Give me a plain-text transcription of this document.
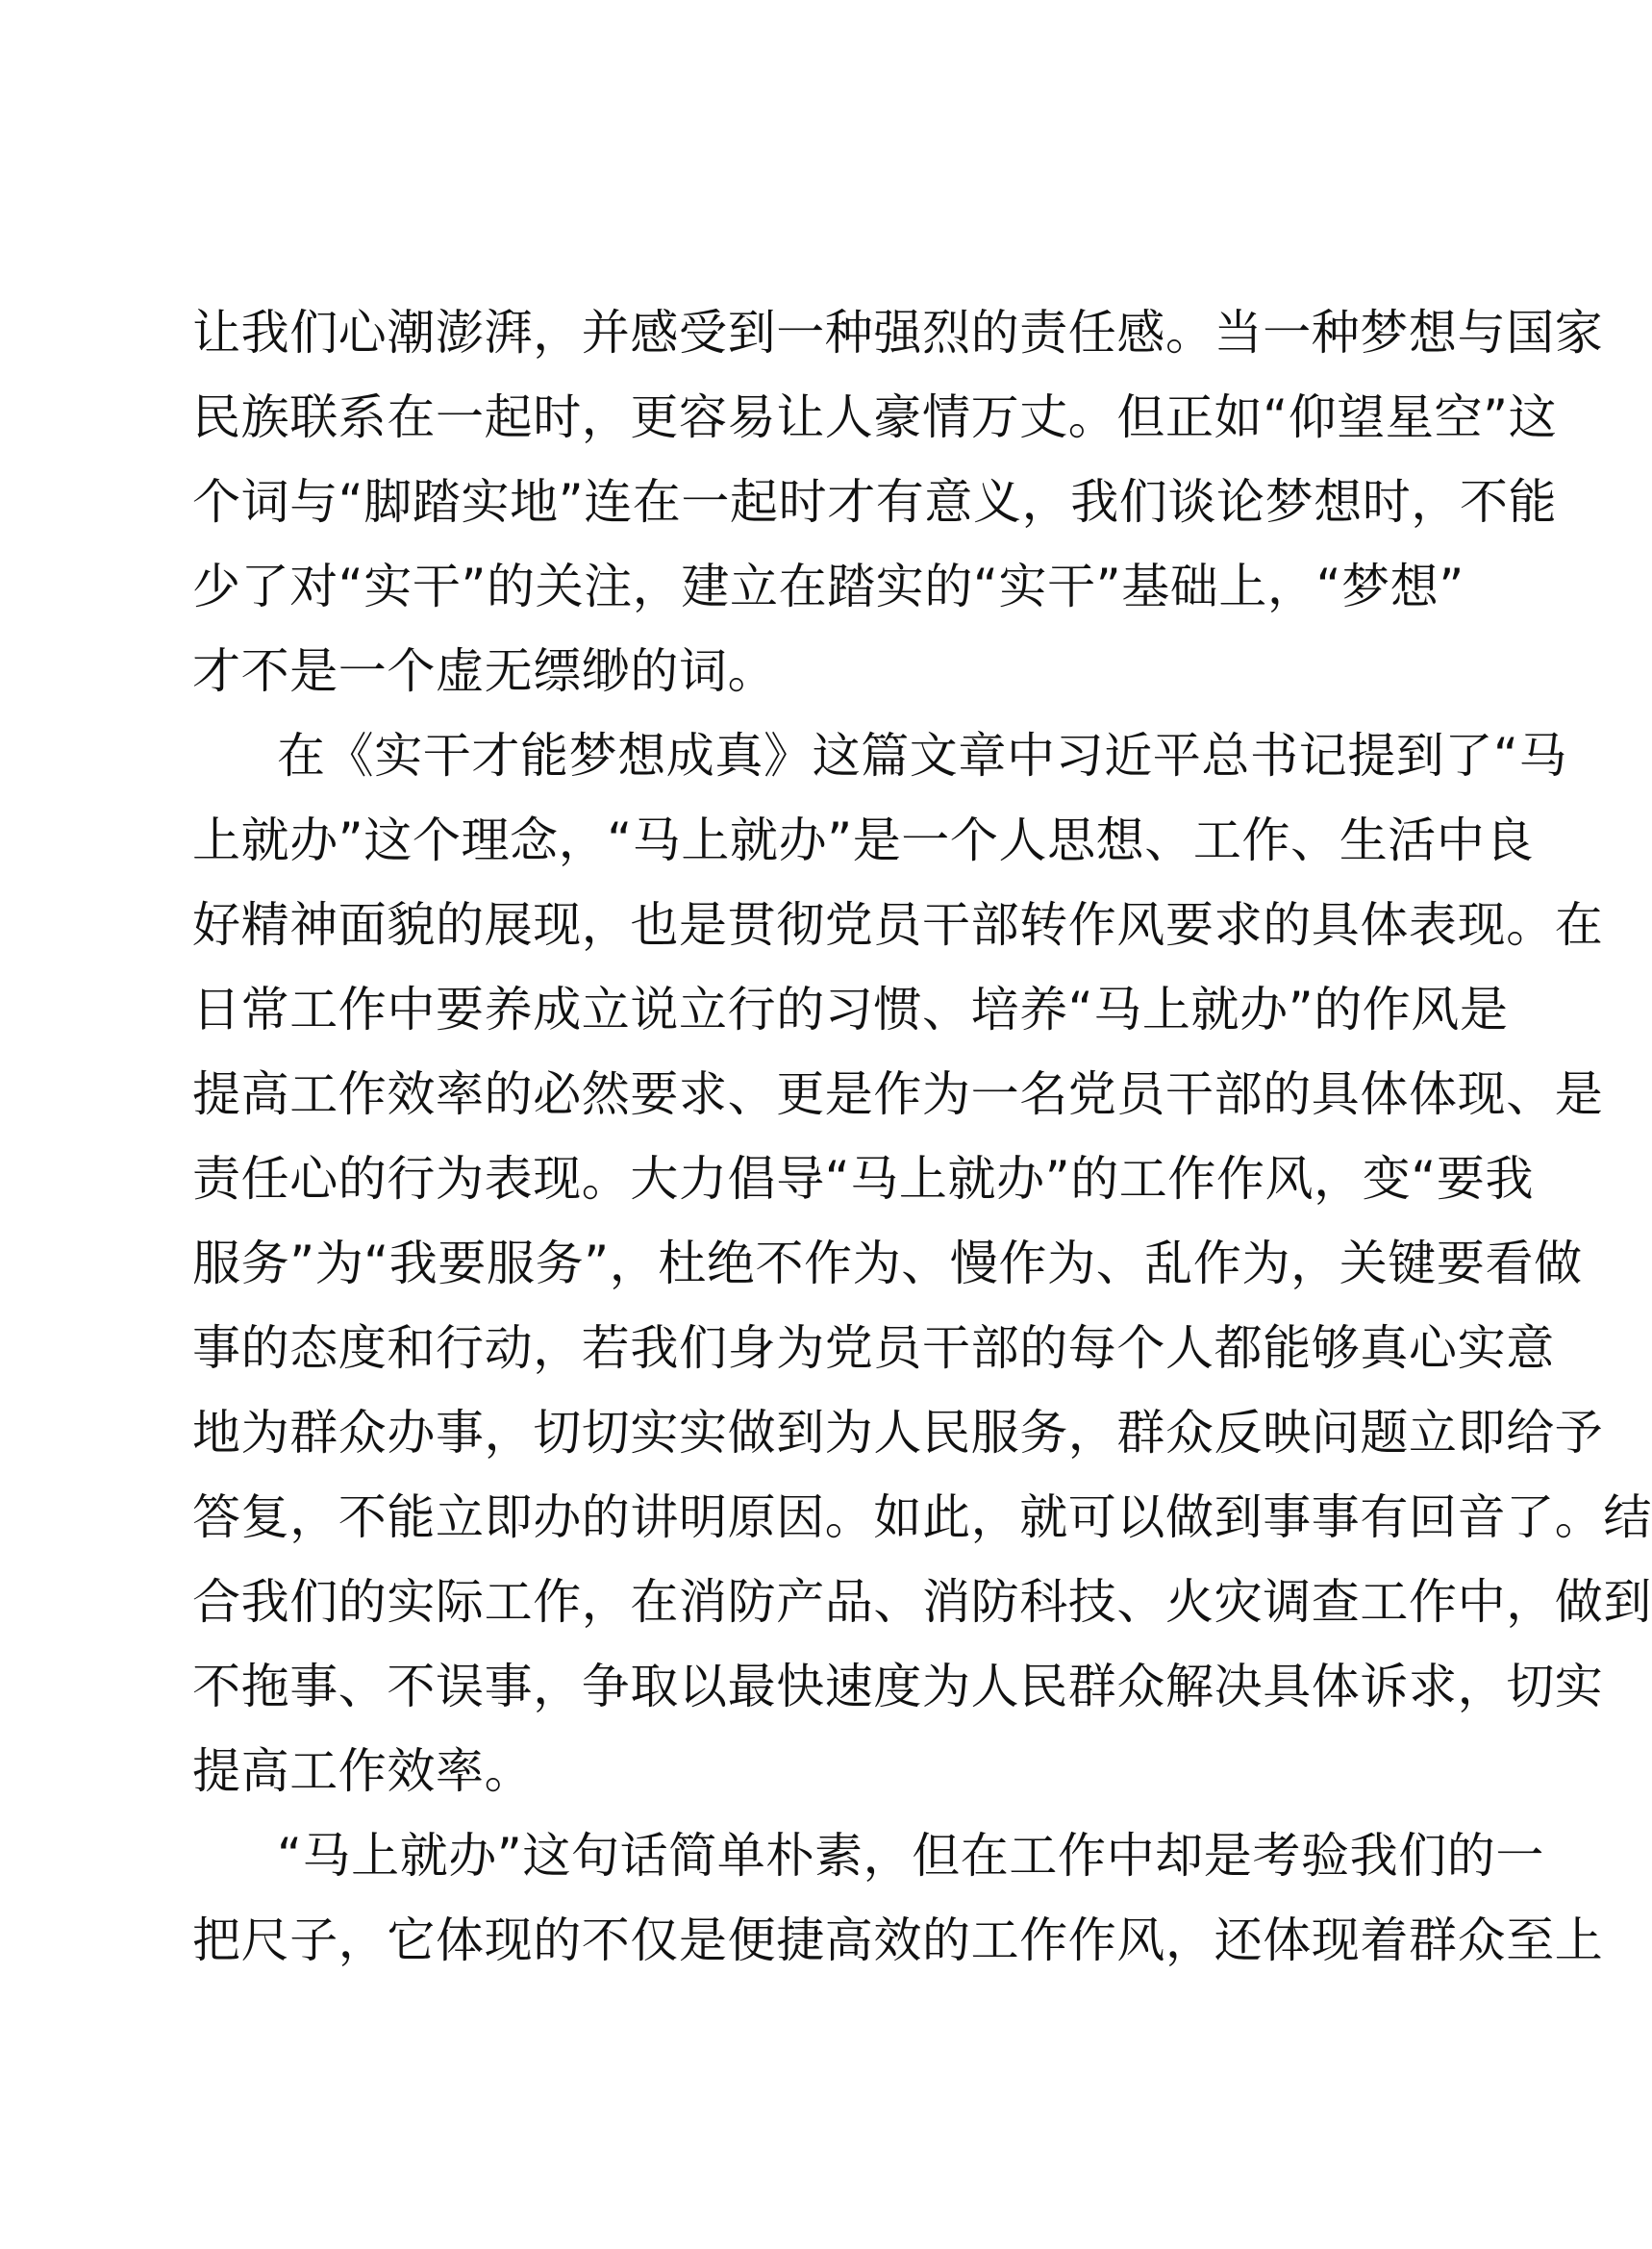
让我们心潮澎湃，并感受到一种强烈的责任感。当一种梦想与国家
民族联系在一起时，更容易让人豪情万丈。但正如“仰望星空”这
个词与“脚踏实地”连在一起时才有意义，我们谈论梦想时，不能
少了对“实干”的关注，建立在踏实的“实干”基础上，“梦想”
才不是一个虚无缥缈的词。
在《实干才能梦想成真》这篇文章中习近平总书记提到了“马
上就办”这个理念，“马上就办”是一个人思想、工作、生活中良
好精神面貌的展现，也是贯彻党员干部转作风要求的具体表现。在
日常工作中要养成立说立行的习惯、培养“马上就办”的作风是
提高工作效率的必然要求、更是作为一名党员干部的具体体现、是
责任心的行为表现。大力倡导“马上就办”的工作作风，变“要我
服务”为“我要服务”，杜绝不作为、慢作为、乱作为，关键要看做
事的态度和行动，若我们身为党员干部的每个人都能够真心实意
地为群众办事，切切实实做到为人民服务，群众反映问题立即给予
答复，不能立即办的讲明原因。如此，就可以做到事事有回音了。结
合我们的实际工作，在消防产品、消防科技、火灾调查工作中，做到
不拖事、不误事，争取以最快速度为人民群众解决具体诉求，切实
提高工作效率。
“马上就办”这句话简单朴素，但在工作中却是考验我们的一
把尺子，它体现的不仅是便捷高效的工作作风，还体现着群众至上
